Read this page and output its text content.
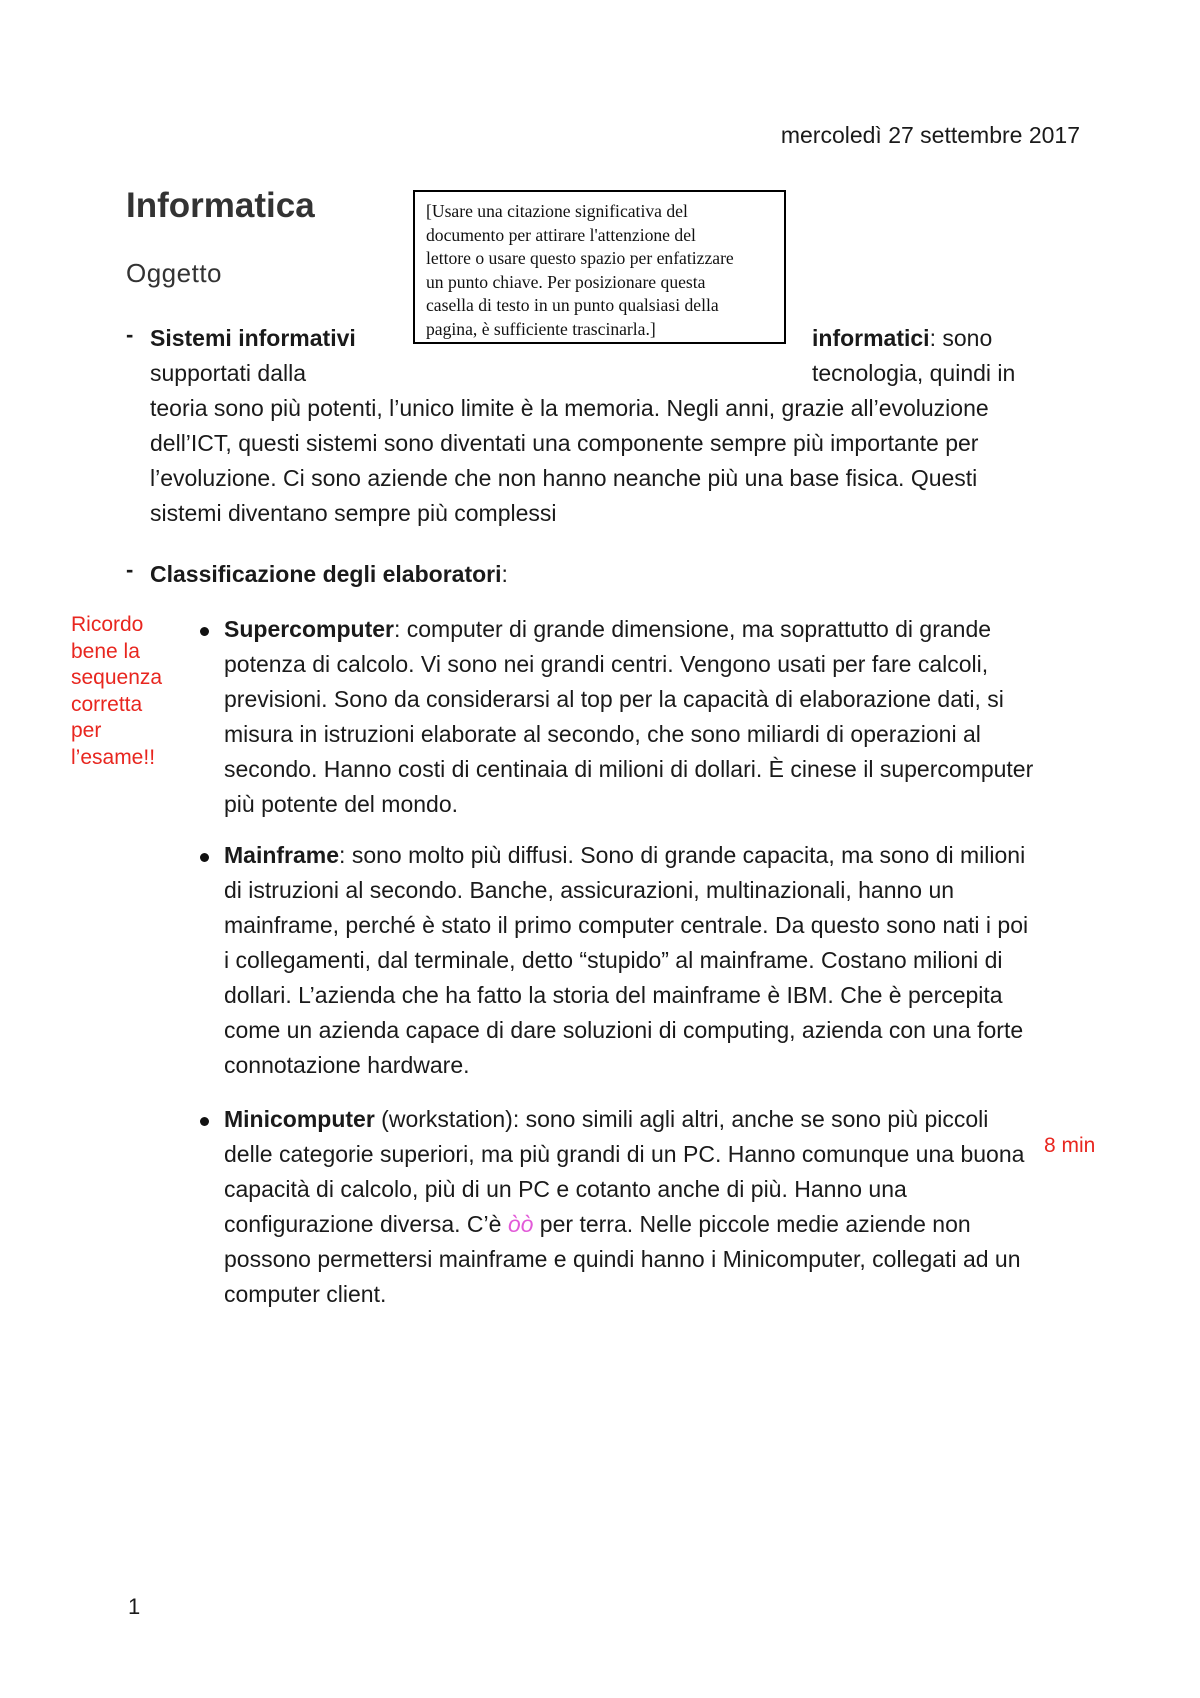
mercoledì 27 settembre 2017
Informatica
Oggetto
[Usare una citazione significativa del
documento per attirare l'attenzione del
lettore o usare questo spazio per enfatizzare
un punto chiave. Per posizionare questa
casella di testo in un punto qualsiasi della
pagina, è sufficiente trascinarla.]
- Sistemi informativi	informatici: sono
supportati dalla	tecnologia, quindi in
teoria sono più potenti, l’unico limite è la memoria. Negli anni, grazie all’evoluzione
dell’ICT, questi sistemi sono diventati una componente sempre più importante per
l’evoluzione. Ci sono aziende che non hanno neanche più una base fisica. Questi
sistemi diventano sempre più complessi
- Classificazione degli elaboratori:
Ricordo
bene la
sequenza
corretta
per
l’esame!!
Supercomputer: computer di grande dimensione, ma soprattutto di grande
potenza di calcolo. Vi sono nei grandi centri. Vengono usati per fare calcoli,
previsioni. Sono da considerarsi al top per la capacità di elaborazione dati, si
misura in istruzioni elaborate al secondo, che sono miliardi di operazioni al
secondo. Hanno costi di centinaia di milioni di dollari. È cinese il supercomputer
più potente del mondo.
Mainframe: sono molto più diffusi. Sono di grande capacita, ma sono di milioni
di istruzioni al secondo. Banche, assicurazioni, multinazionali, hanno un
mainframe, perché è stato il primo computer centrale. Da questo sono nati i poi
i collegamenti, dal terminale, detto “stupido” al mainframe. Costano milioni di
dollari. L’azienda che ha fatto la storia del mainframe è IBM. Che è percepita
come un azienda capace di dare soluzioni di computing, azienda con una forte
connotazione hardware.
Minicomputer (workstation): sono simili agli altri, anche se sono più piccoli
delle categorie superiori, ma più grandi di un PC. Hanno comunque una buona
capacità di calcolo, più di un PC e cotanto anche di più. Hanno una
configurazione diversa. C’è òò per terra. Nelle piccole medie aziende non
possono permettersi mainframe e quindi hanno i Minicomputer, collegati ad un
computer client.
8 min
1
